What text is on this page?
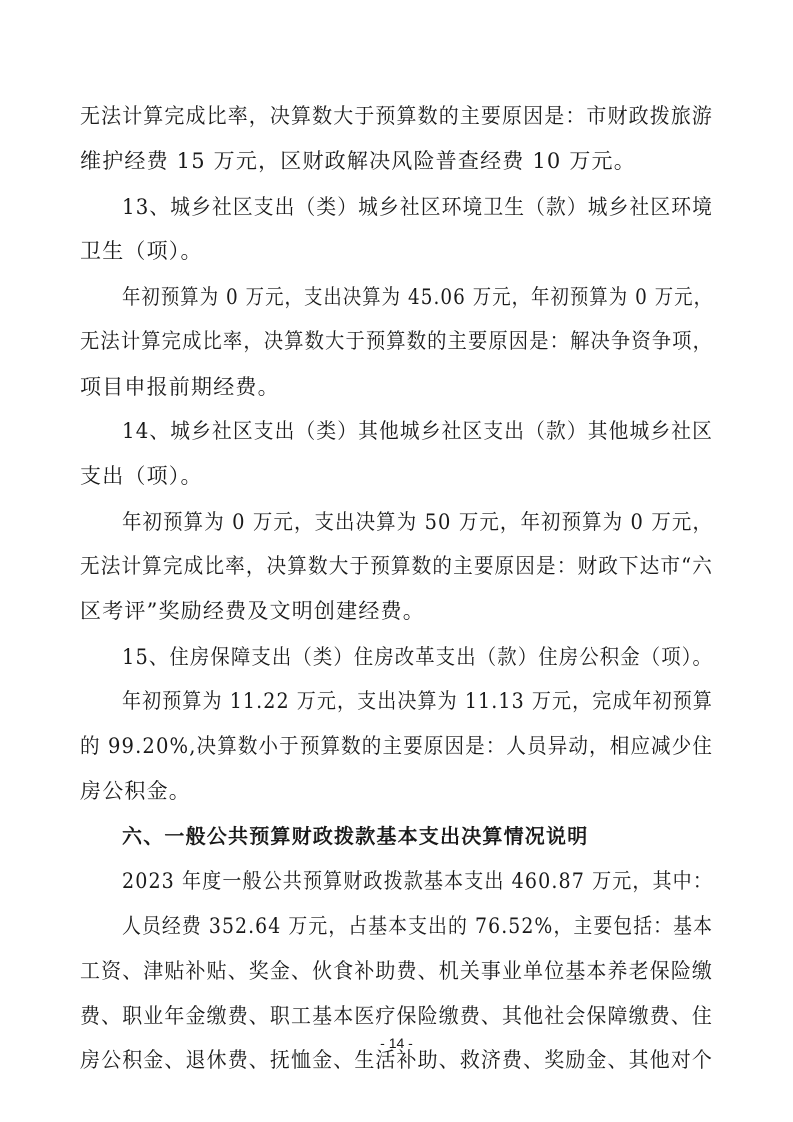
无法计算完成比率，决算数大于预算数的主要原因是：市财政拨旅游
维护经费 15 万元，区财政解决风险普查经费 10 万元。
13、城乡社区支出（类）城乡社区环境卫生（款）城乡社区环境
卫生（项）。
年初预算为 0 万元，支出决算为 45.06 万元，年初预算为 0 万元，
无法计算完成比率，决算数大于预算数的主要原因是：解决争资争项，
项目申报前期经费。
14、城乡社区支出（类）其他城乡社区支出（款）其他城乡社区
支出（项）。
年初预算为 0 万元，支出决算为 50 万元，年初预算为 0 万元，
无法计算完成比率，决算数大于预算数的主要原因是：财政下达市“六
区考评”奖励经费及文明创建经费。
15、住房保障支出（类）住房改革支出（款）住房公积金（项）。
年初预算为 11.22 万元，支出决算为 11.13 万元，完成年初预算
的 99.20%,决算数小于预算数的主要原因是：人员异动，相应减少住
房公积金。
六、一般公共预算财政拨款基本支出决算情况说明
2023 年度一般公共预算财政拨款基本支出 460.87 万元，其中：
人员经费 352.64 万元，占基本支出的 76.52%，主要包括：基本
工资、津贴补贴、奖金、伙食补助费、机关事业单位基本养老保险缴
费、职业年金缴费、职工基本医疗保险缴费、其他社会保障缴费、住
房公积金、退休费、抚恤金、生活补助、救济费、奖励金、其他对个
- 14 -
